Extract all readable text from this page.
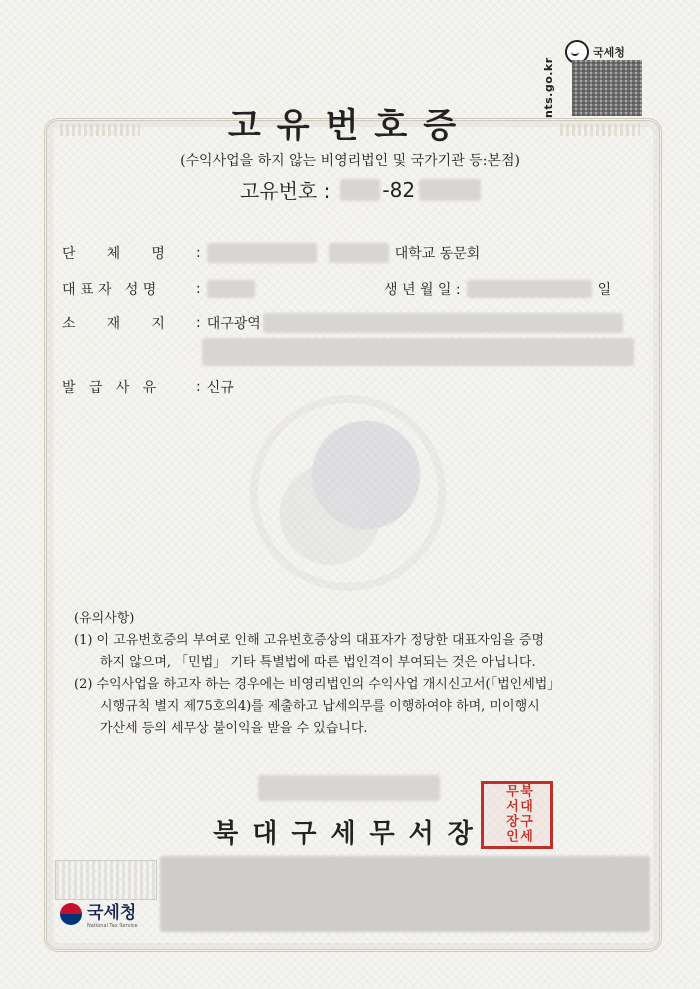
국세청
nts.go.kr
고유번호증
(수익사업을 하지 않는 비영리법인 및 국가기관 등:본점)
고유번호 :	-82
단       체       명	:	대학교 동문회
대 표 자   성 명	:	생 년 월 일 :	일
소       재       지	: 대구광역
발   급   사   유	: 신규

(유의사항)

(1) 이 고유번호증의 부여로 인해 고유번호증상의 대표자가 정당한 대표자임을 증명

하지 않으며, 「민법」 기타 특별법에 따른 법인격이 부여되는 것은 아닙니다.

(2) 수익사업을 하고자 하는 경우에는 비영리법인의 수익사업 개시신고서(「법인세법」

시행규칙 별지 제75호의4)를 제출하고 납세의무를 이행하여야 하며, 미이행시

가산세 등의 세무상 불이익을 받을 수 있습니다.

북대구세무서장	북대구세무서장인
국세청
National Tax Service
